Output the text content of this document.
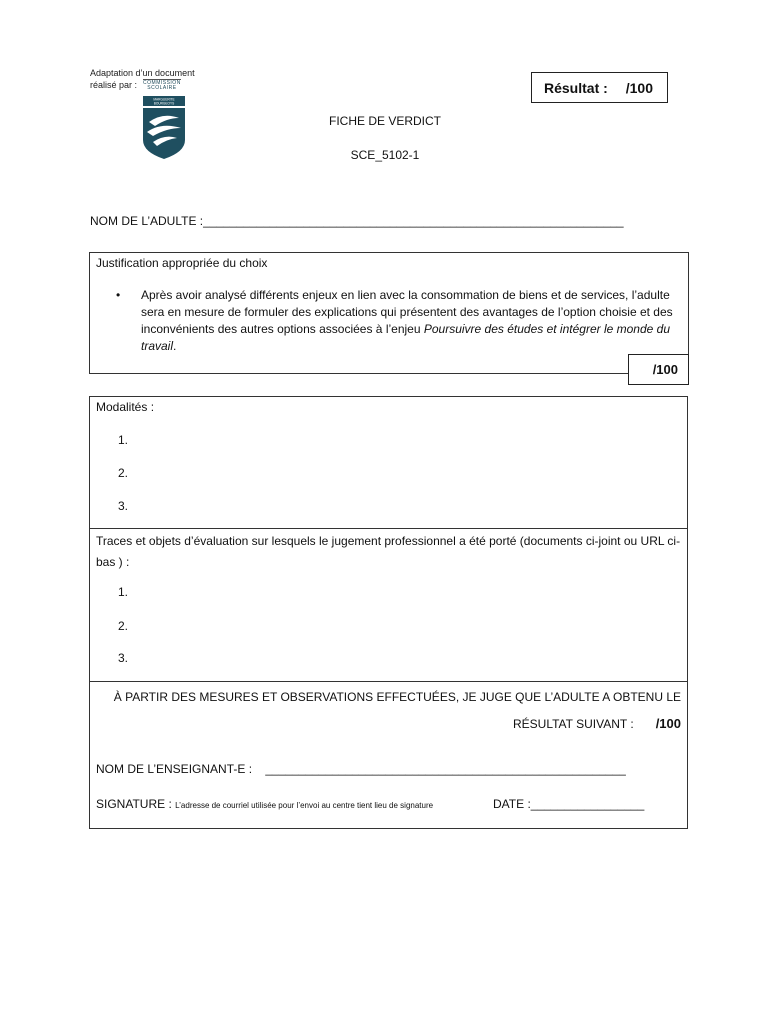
Adaptation d’un document
réalisé par : COMMISSION
SCOLAIRE
MARGUERITE
BOURGEOYS
Résultat : /100
FICHE DE VERDICT
SCE_5102-1
NOM DE L’ADULTE :_______________________________________________________________
Justification appropriée du choix
• Après avoir analysé différents enjeux en lien avec la consommation de biens et de services, l’adulte sera en mesure de formuler des explications qui présentent des avantages de l’option choisie et des inconvénients des autres options associées à l’enjeu Poursuivre des études et intégrer le monde du travail.
/100
Modalités :
1.
2.
3.
Traces et objets d’évaluation sur lesquels le jugement professionnel a été porté (documents ci-joint ou URL ci-bas ) :
1.
2.
3.
À PARTIR DES MESURES ET OBSERVATIONS EFFECTUÉES, JE JUGE QUE L’ADULTE A OBTENU LE
RÉSULTAT SUIVANT : /100
NOM DE L’ENSEIGNANT-E : ______________________________________________________
SIGNATURE : L’adresse de courriel utilisée pour l’envoi au centre tient lieu de signature	DATE :_________________
